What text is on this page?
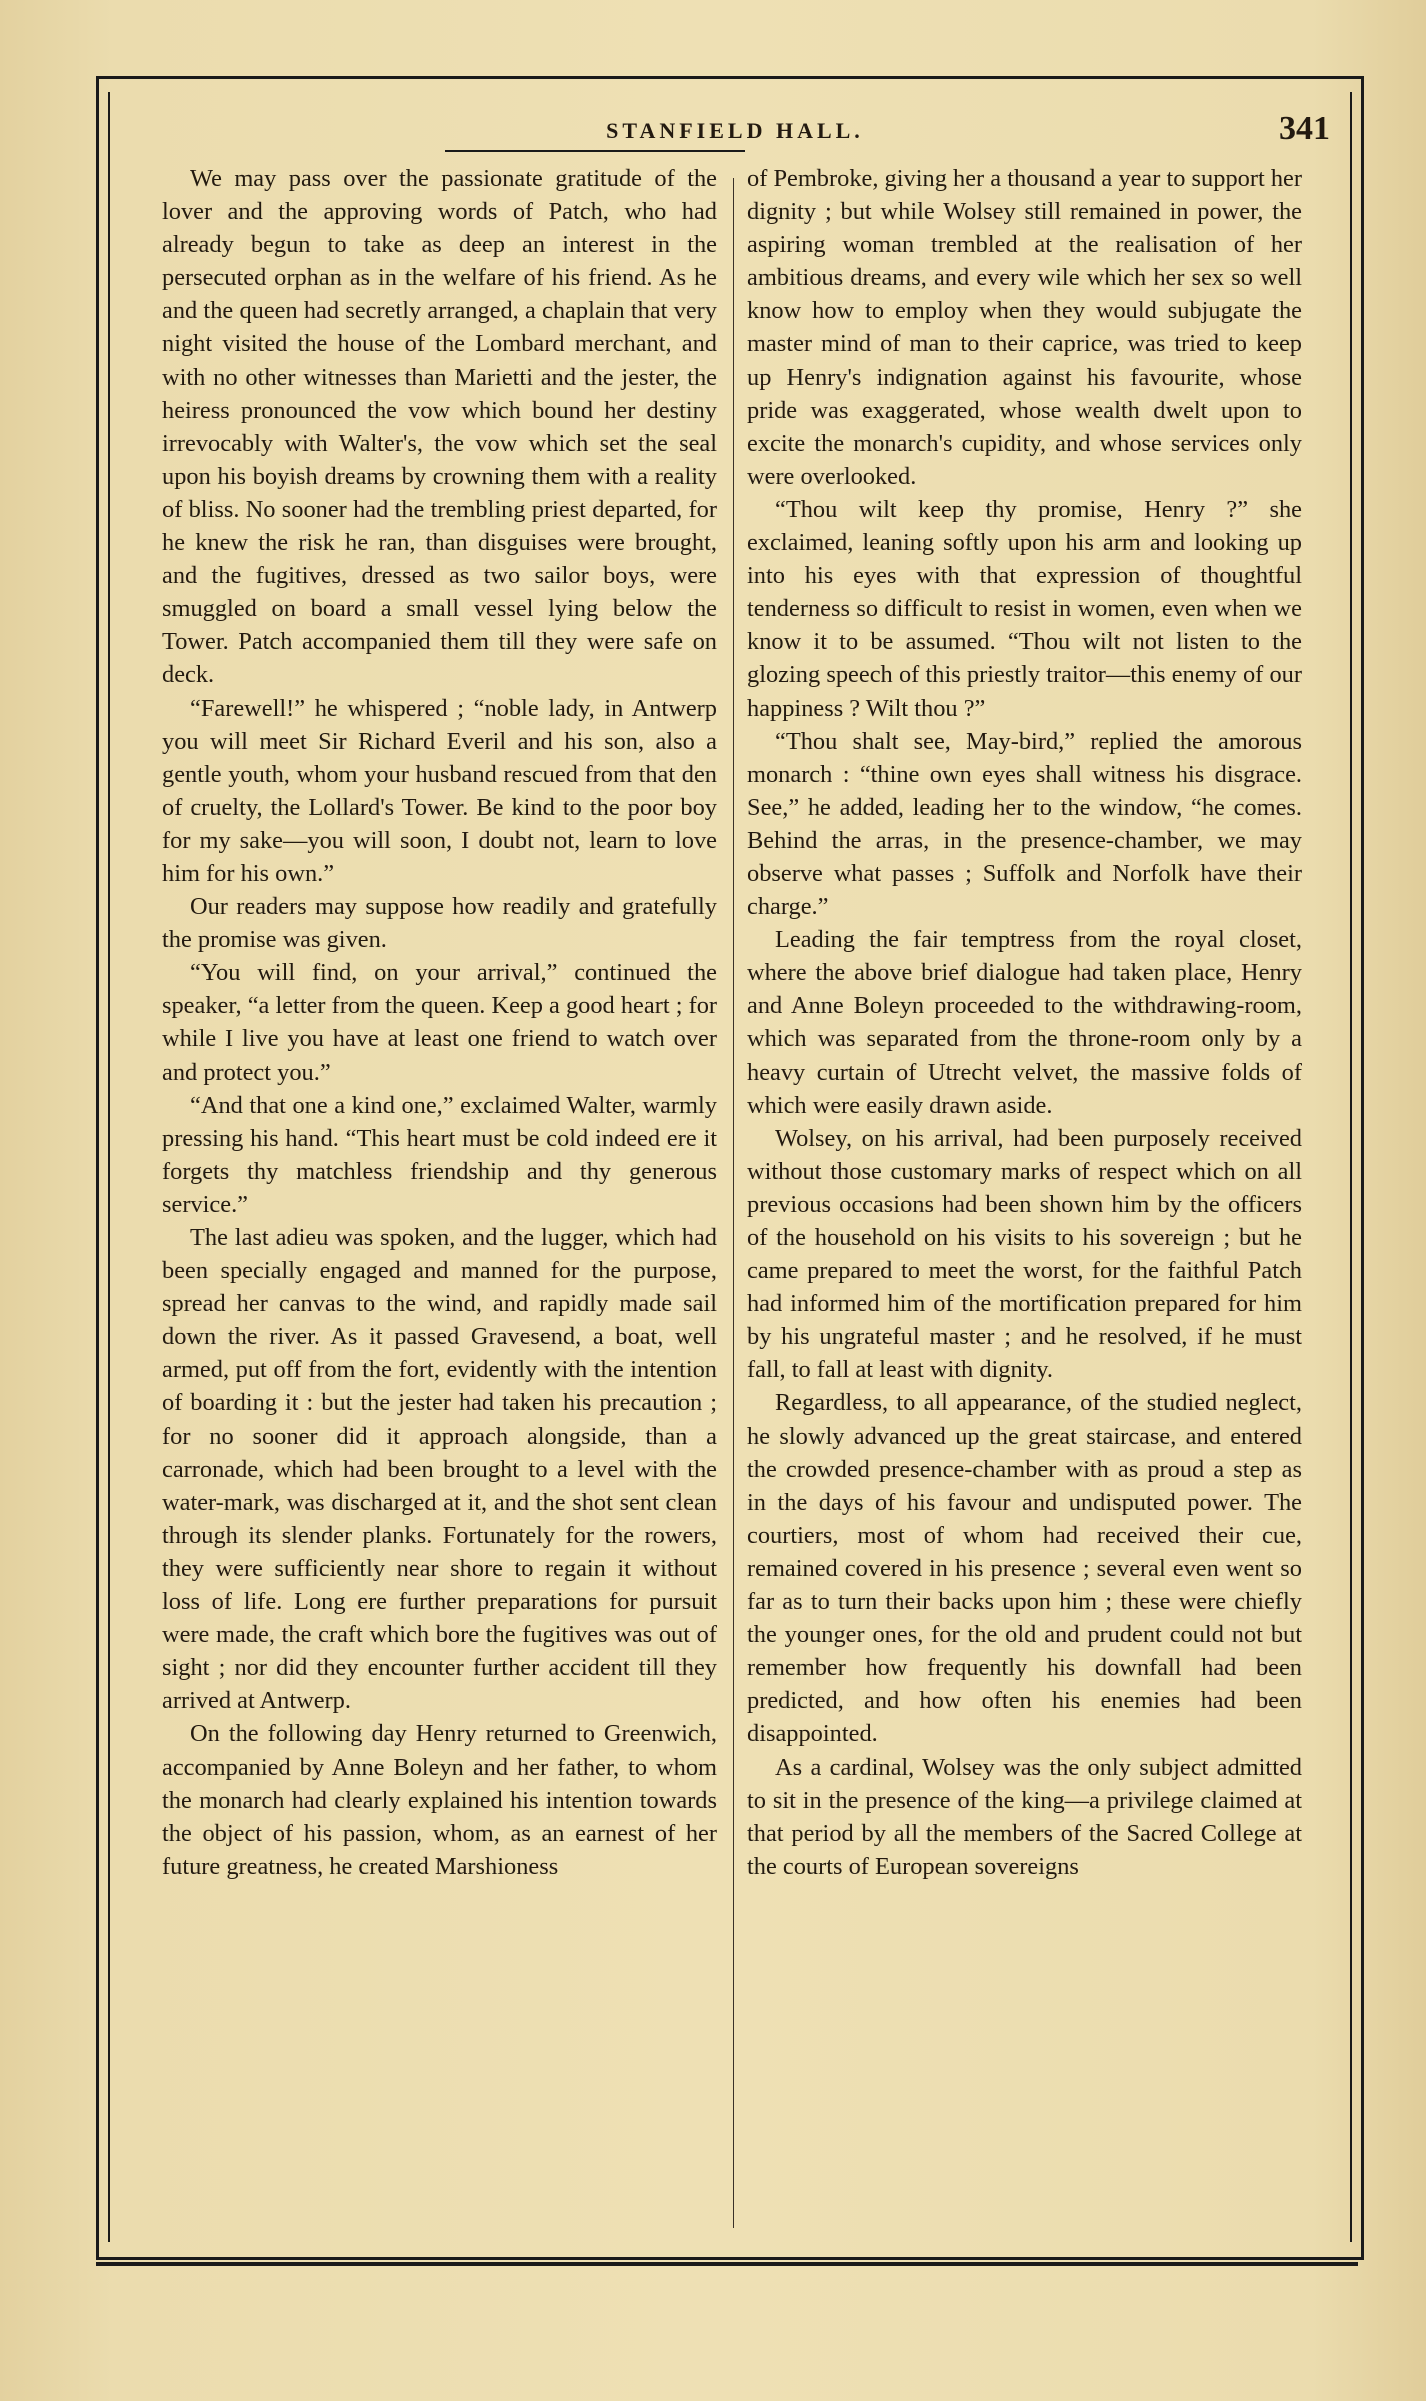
STANFIELD HALL.	341

We may pass over the passionate gratitude of the lover and the approving words of Patch, who had already begun to take as deep an interest in the persecuted orphan as in the welfare of his friend. As he and the queen had secretly arranged, a chaplain that very night visited the house of the Lombard merchant, and with no other witnesses than Marietti and the jester, the heiress pronounced the vow which bound her destiny irrevocably with Walter's, the vow which set the seal upon his boyish dreams by crowning them with a reality of bliss. No sooner had the trembling priest departed, for he knew the risk he ran, than disguises were brought, and the fugitives, dressed as two sailor boys, were smuggled on board a small vessel lying below the Tower. Patch accompanied them till they were safe on deck.

“Farewell!” he whispered ; “noble lady, in Antwerp you will meet Sir Richard Everil and his son, also a gentle youth, whom your husband rescued from that den of cruelty, the Lollard's Tower. Be kind to the poor boy for my sake—you will soon, I doubt not, learn to love him for his own.”

Our readers may suppose how readily and gratefully the promise was given.

“You will find, on your arrival,” continued the speaker, “a letter from the queen. Keep a good heart ; for while I live you have at least one friend to watch over and protect you.”

“And that one a kind one,” exclaimed Walter, warmly pressing his hand. “This heart must be cold indeed ere it forgets thy matchless friendship and thy generous service.”

The last adieu was spoken, and the lugger, which had been specially engaged and manned for the purpose, spread her canvas to the wind, and rapidly made sail down the river. As it passed Gravesend, a boat, well armed, put off from the fort, evidently with the intention of boarding it : but the jester had taken his precaution ; for no sooner did it approach alongside, than a carronade, which had been brought to a level with the water-mark, was discharged at it, and the shot sent clean through its slender planks. Fortunately for the rowers, they were sufficiently near shore to regain it without loss of life. Long ere further preparations for pursuit were made, the craft which bore the fugitives was out of sight ; nor did they encounter further accident till they arrived at Antwerp.

On the following day Henry returned to Greenwich, accompanied by Anne Boleyn and her father, to whom the monarch had clearly explained his intention towards the object of his passion, whom, as an earnest of her future greatness, he created Marshioness

of Pembroke, giving her a thousand a year to support her dignity ; but while Wolsey still remained in power, the aspiring woman trembled at the realisation of her ambitious dreams, and every wile which her sex so well know how to employ when they would subjugate the master mind of man to their caprice, was tried to keep up Henry's indignation against his favourite, whose pride was exaggerated, whose wealth dwelt upon to excite the monarch's cupidity, and whose services only were overlooked.

“Thou wilt keep thy promise, Henry ?” she exclaimed, leaning softly upon his arm and looking up into his eyes with that expression of thoughtful tenderness so difficult to resist in women, even when we know it to be assumed. “Thou wilt not listen to the glozing speech of this priestly traitor—this enemy of our happiness ? Wilt thou ?”

“Thou shalt see, May-bird,” replied the amorous monarch : “thine own eyes shall witness his disgrace. See,” he added, leading her to the window, “he comes. Behind the arras, in the presence-chamber, we may observe what passes ; Suffolk and Norfolk have their charge.”

Leading the fair temptress from the royal closet, where the above brief dialogue had taken place, Henry and Anne Boleyn proceeded to the withdrawing-room, which was separated from the throne-room only by a heavy curtain of Utrecht velvet, the massive folds of which were easily drawn aside.

Wolsey, on his arrival, had been purposely received without those customary marks of respect which on all previous occasions had been shown him by the officers of the household on his visits to his sovereign ; but he came prepared to meet the worst, for the faithful Patch had informed him of the mortification prepared for him by his ungrateful master ; and he resolved, if he must fall, to fall at least with dignity.

Regardless, to all appearance, of the studied neglect, he slowly advanced up the great staircase, and entered the crowded presence-chamber with as proud a step as in the days of his favour and undisputed power. The courtiers, most of whom had received their cue, remained covered in his presence ; several even went so far as to turn their backs upon him ; these were chiefly the younger ones, for the old and prudent could not but remember how frequently his downfall had been predicted, and how often his enemies had been disappointed.

As a cardinal, Wolsey was the only subject admitted to sit in the presence of the king—a privilege claimed at that period by all the members of the Sacred College at the courts of European sovereigns
